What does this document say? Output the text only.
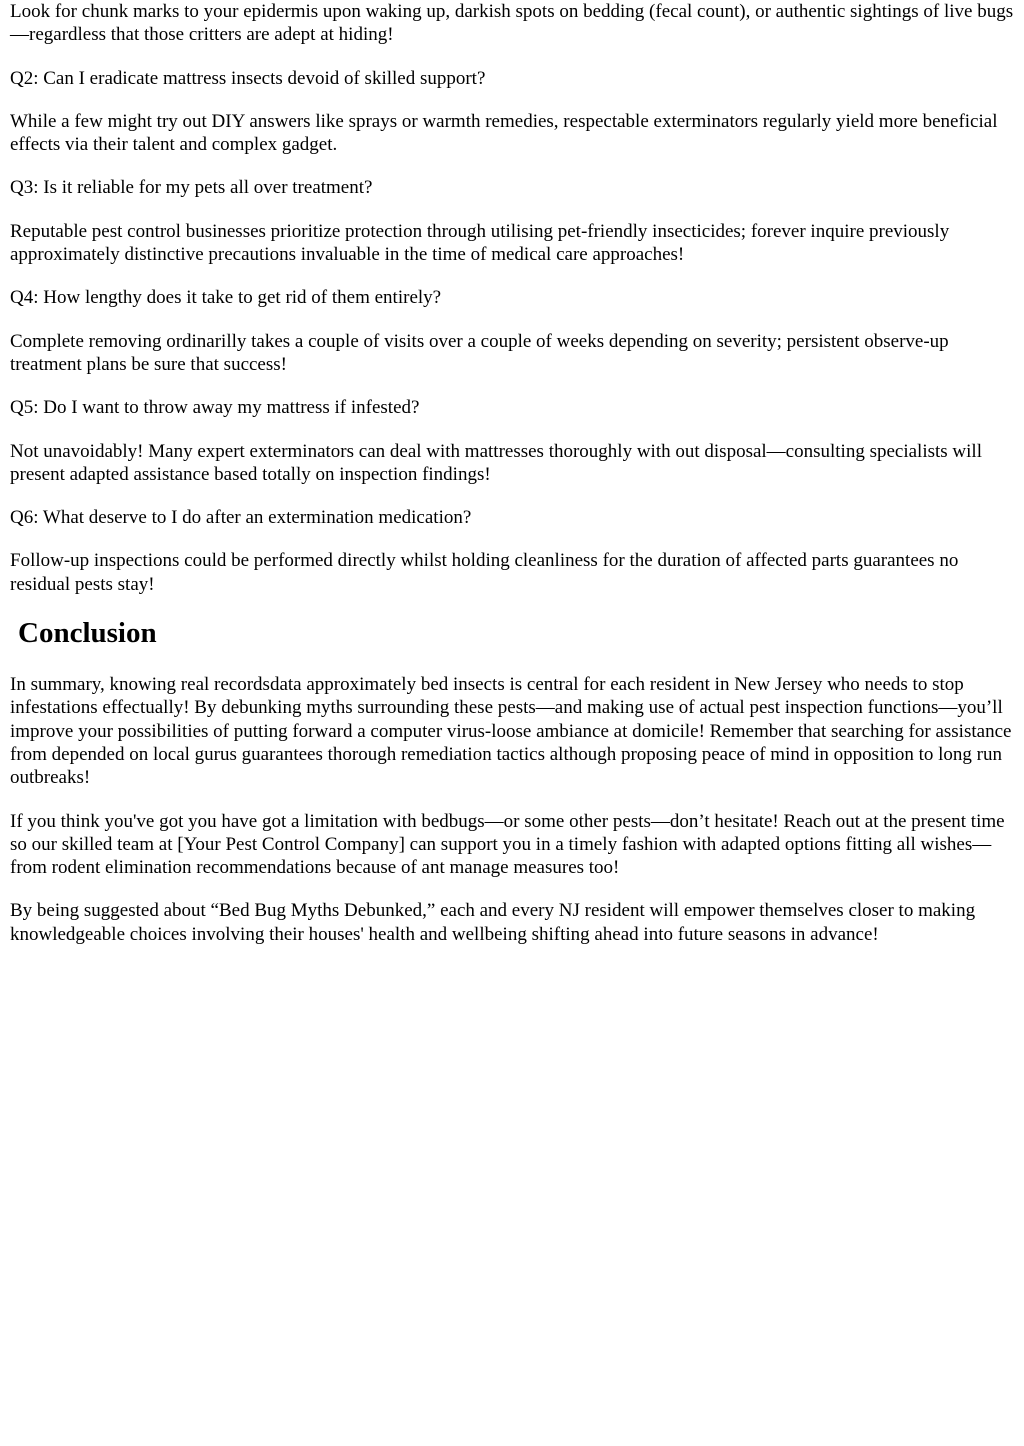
Look for chunk marks to your epidermis upon waking up, darkish spots on bedding (fecal count), or authentic sightings of live bugs—regardless that those critters are adept at hiding!

Q2: Can I eradicate mattress insects devoid of skilled support?

While a few might try out DIY answers like sprays or warmth remedies, respectable exterminators regularly yield more beneficial effects via their talent and complex gadget.

Q3: Is it reliable for my pets all over treatment?

Reputable pest control businesses prioritize protection through utilising pet-friendly insecticides; forever inquire previously approximately distinctive precautions invaluable in the time of medical care approaches!

Q4: How lengthy does it take to get rid of them entirely?

Complete removing ordinarilly takes a couple of visits over a couple of weeks depending on severity; persistent observe-up treatment plans be sure that success!

Q5: Do I want to throw away my mattress if infested?

Not unavoidably! Many expert exterminators can deal with mattresses thoroughly with out disposal—consulting specialists will present adapted assistance based totally on inspection findings!

Q6: What deserve to I do after an extermination medication?

Follow-up inspections could be performed directly whilst holding cleanliness for the duration of affected parts guarantees no residual pests stay!

Conclusion

In summary, knowing real recordsdata approximately bed insects is central for each resident in New Jersey who needs to stop infestations effectually! By debunking myths surrounding these pests—and making use of actual pest inspection functions—you’ll improve your possibilities of putting forward a computer virus-loose ambiance at domicile! Remember that searching for assistance from depended on local gurus guarantees thorough remediation tactics although proposing peace of mind in opposition to long run outbreaks!

If you think you've got you have got a limitation with bedbugs—or some other pests—don’t hesitate! Reach out at the present time so our skilled team at [Your Pest Control Company] can support you in a timely fashion with adapted options fitting all wishes—from rodent elimination recommendations because of ant manage measures too!

By being suggested about “Bed Bug Myths Debunked,” each and every NJ resident will empower themselves closer to making knowledgeable choices involving their houses' health and wellbeing shifting ahead into future seasons in advance!
